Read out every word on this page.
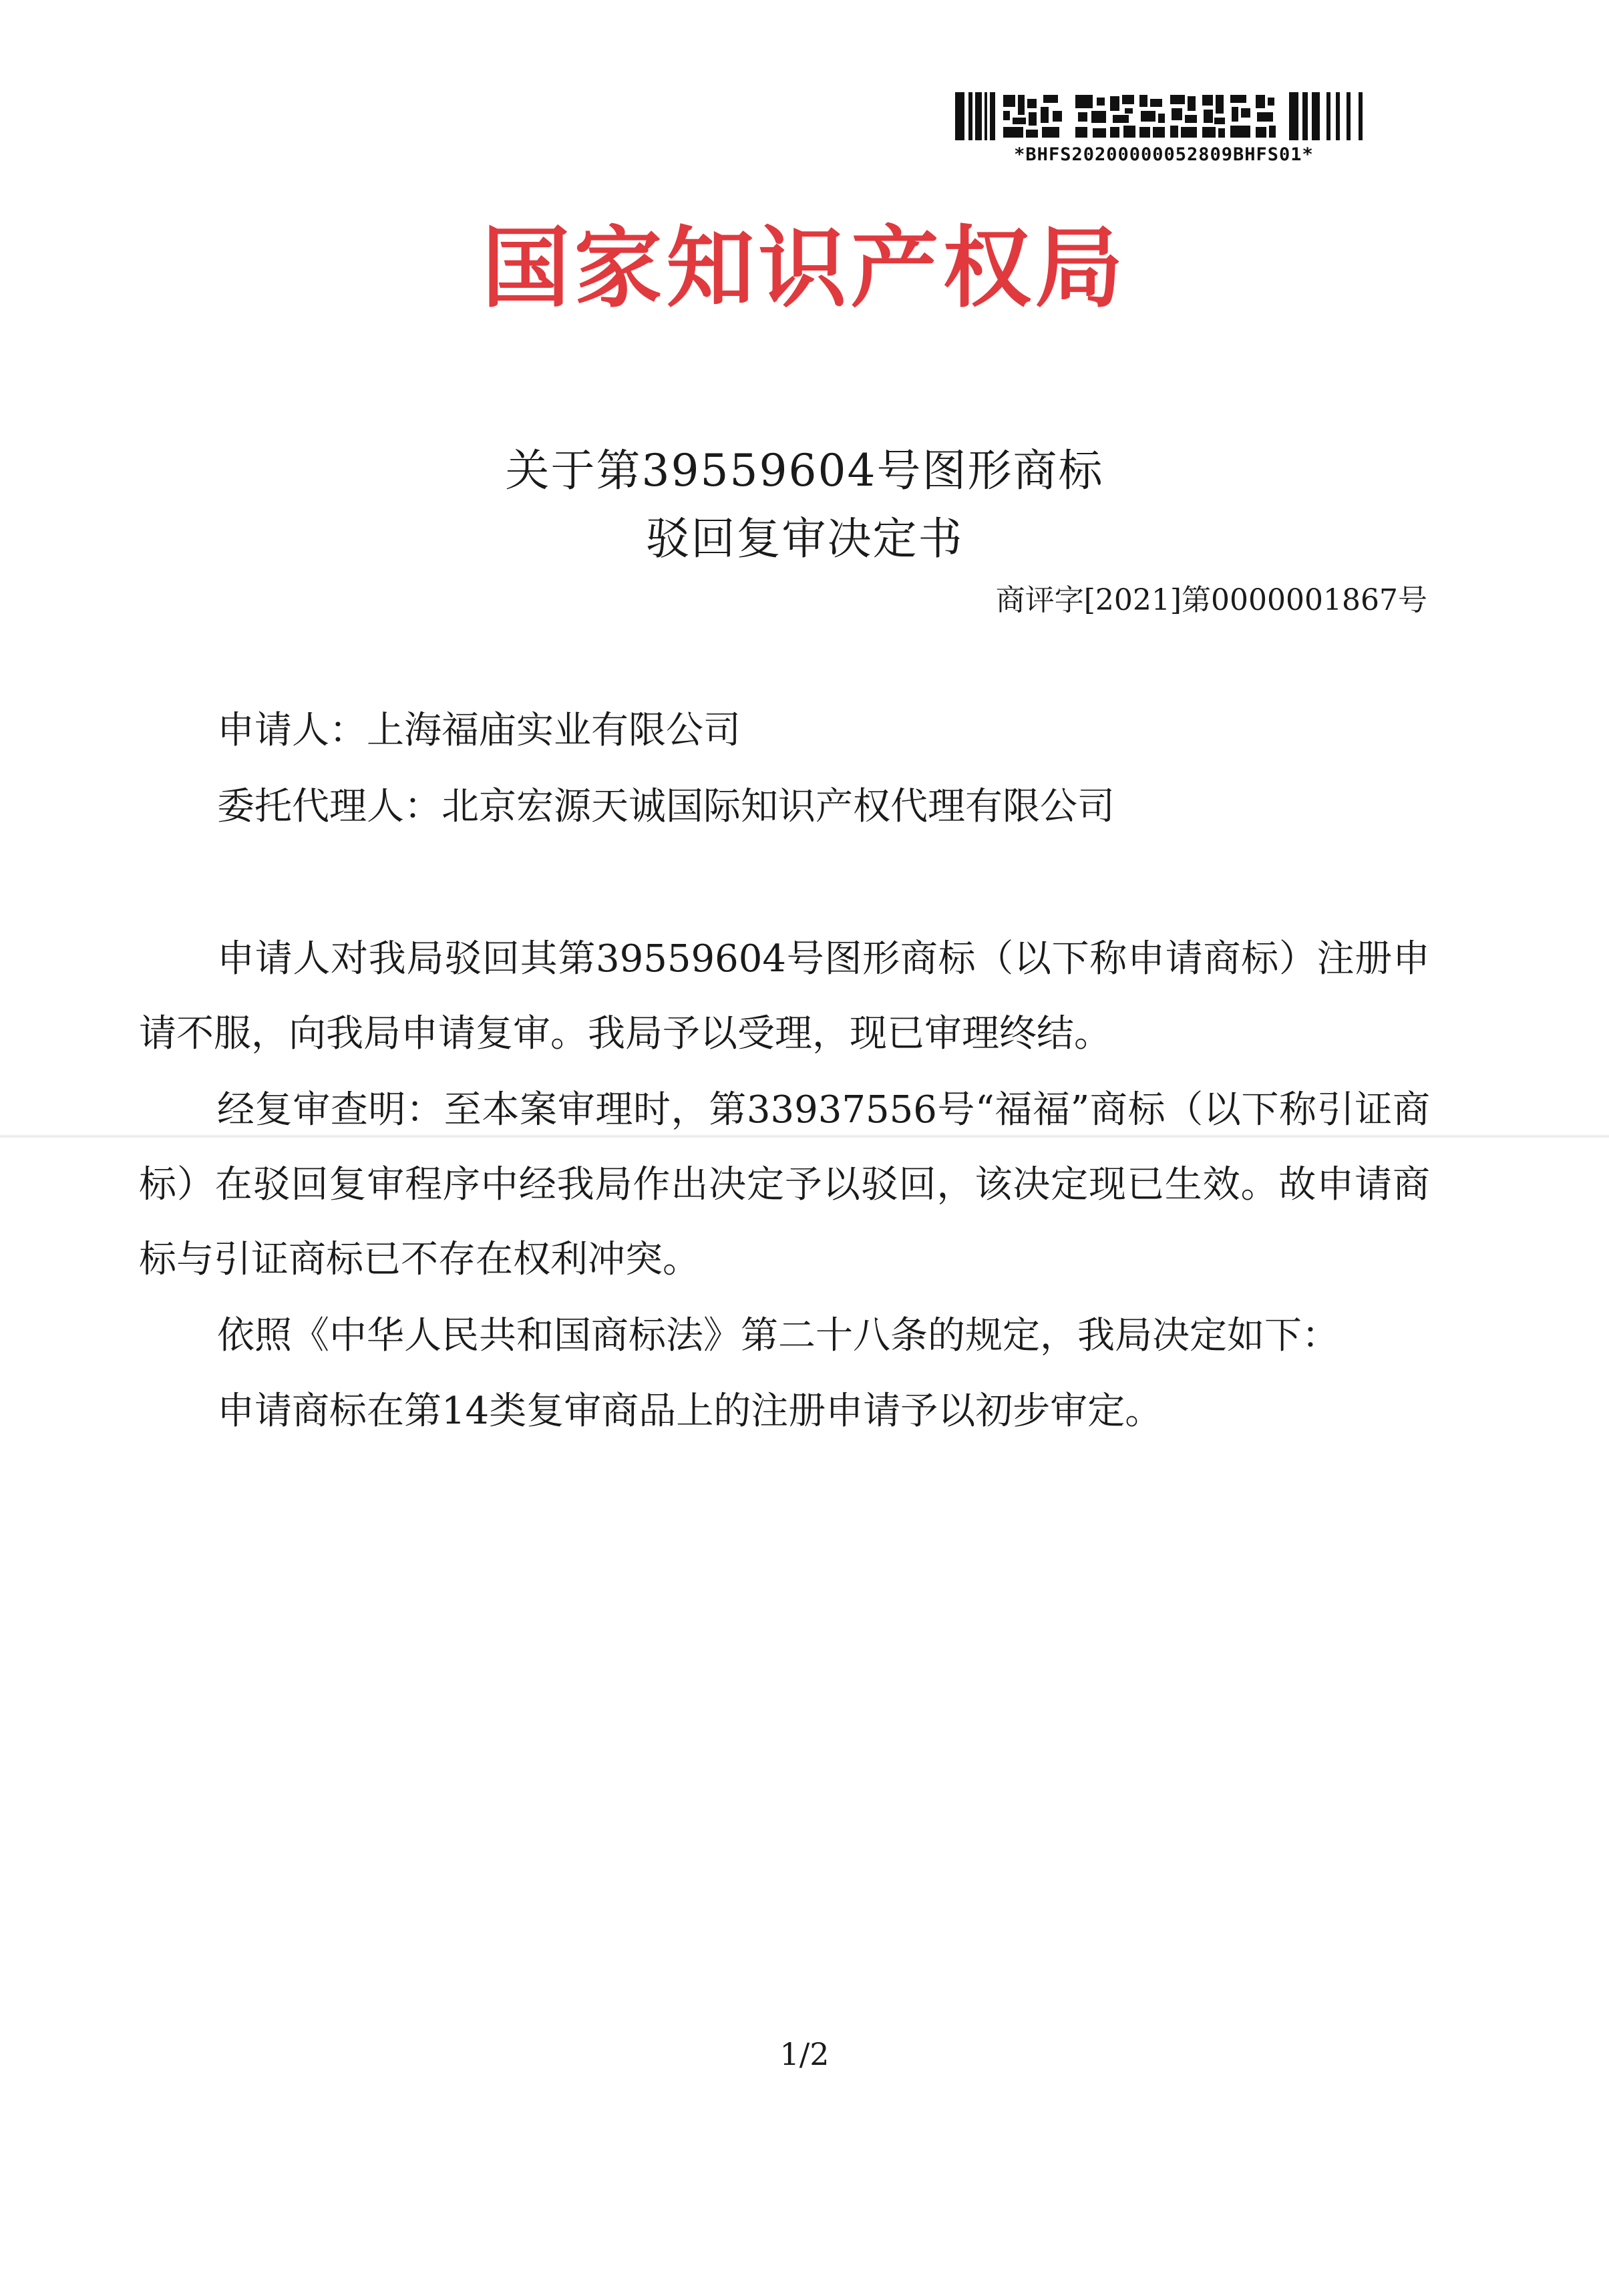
*BHFS20200000052809BHFS01*
国家知识产权局
关于第39559604号图形商标
驳回复审决定书
商评字[2021]第0000001867号
申请人：上海福庙实业有限公司
委托代理人：北京宏源天诚国际知识产权代理有限公司

申请人对我局驳回其第39559604号图形商标（以下称申请商标）注册申请不服，向我局申请复审。我局予以受理，现已审理终结。

经复审查明：至本案审理时，第33937556号“福福”商标（以下称引证商标）在驳回复审程序中经我局作出决定予以驳回，该决定现已生效。故申请商标与引证商标已不存在权利冲突。

依照《中华人民共和国商标法》第二十八条的规定，我局决定如下：

申请商标在第14类复审商品上的注册申请予以初步审定。

1/2
